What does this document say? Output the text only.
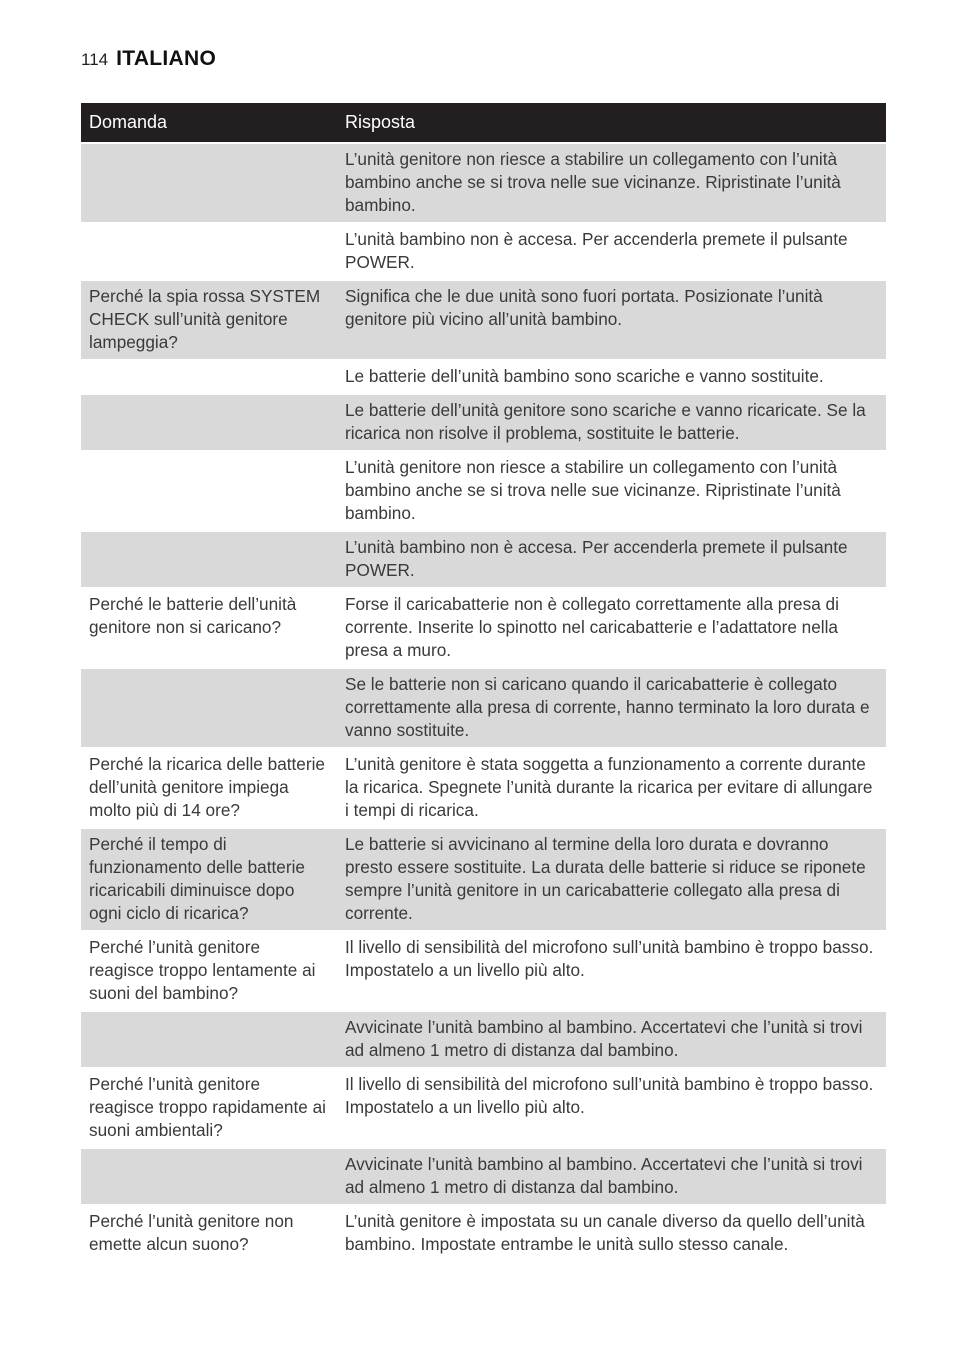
114 ITALIANO
Domanda	Risposta
L’unità genitore non riesce a stabilire un collegamento con l’unità bambino anche se si trova nelle sue vicinanze. Ripristinate l’unità bambino.
L’unità bambino non è accesa. Per accenderla premete il pulsante POWER.
Perché la spia rossa SYSTEM CHECK sull’unità genitore lampeggia?
Significa che le due unità sono fuori portata. Posizionate l’unità genitore più vicino all’unità bambino.
Le batterie dell’unità bambino sono scariche e vanno sostituite.
Le batterie dell’unità genitore sono scariche e vanno ricaricate. Se la ricarica non risolve il problema, sostituite le batterie.
L’unità genitore non riesce a stabilire un collegamento con l’unità bambino anche se si trova nelle sue vicinanze. Ripristinate l’unità bambino.
L’unità bambino non è accesa. Per accenderla premete il pulsante POWER.
Perché le batterie dell’unità genitore non si caricano?
Forse il caricabatterie non è collegato correttamente alla presa di corrente. Inserite lo spinotto nel caricabatterie e l’adattatore nella presa a muro.
Se le batterie non si caricano quando il caricabatterie è collegato correttamente alla presa di corrente, hanno terminato la loro durata e vanno sostituite.
Perché la ricarica delle batterie dell’unità genitore impiega molto più di 14 ore?
L’unità genitore è stata soggetta a funzionamento a corrente durante la ricarica. Spegnete l’unità durante la ricarica per evitare di allungare i tempi di ricarica.
Perché il tempo di funzionamento delle batterie ricaricabili diminuisce dopo ogni ciclo di ricarica?
Le batterie si avvicinano al termine della loro durata e dovranno presto essere sostituite. La durata delle batterie si riduce se riponete sempre l’unità genitore in un caricabatterie collegato alla presa di corrente.
Perché l’unità genitore reagisce troppo lentamente ai suoni del bambino?
Il livello di sensibilità del microfono sull’unità bambino è troppo basso. Impostatelo a un livello più alto.
Avvicinate l’unità bambino al bambino. Accertatevi che l’unità si trovi ad almeno 1 metro di distanza dal bambino.
Perché l’unità genitore reagisce troppo rapidamente ai suoni ambientali?
Il livello di sensibilità del microfono sull’unità bambino è troppo basso. Impostatelo a un livello più alto.
Avvicinate l’unità bambino al bambino. Accertatevi che l’unità si trovi ad almeno 1 metro di distanza dal bambino.
Perché l’unità genitore non emette alcun suono?
L’unità genitore è impostata su un canale diverso da quello dell’unità bambino. Impostate entrambe le unità sullo stesso canale.
